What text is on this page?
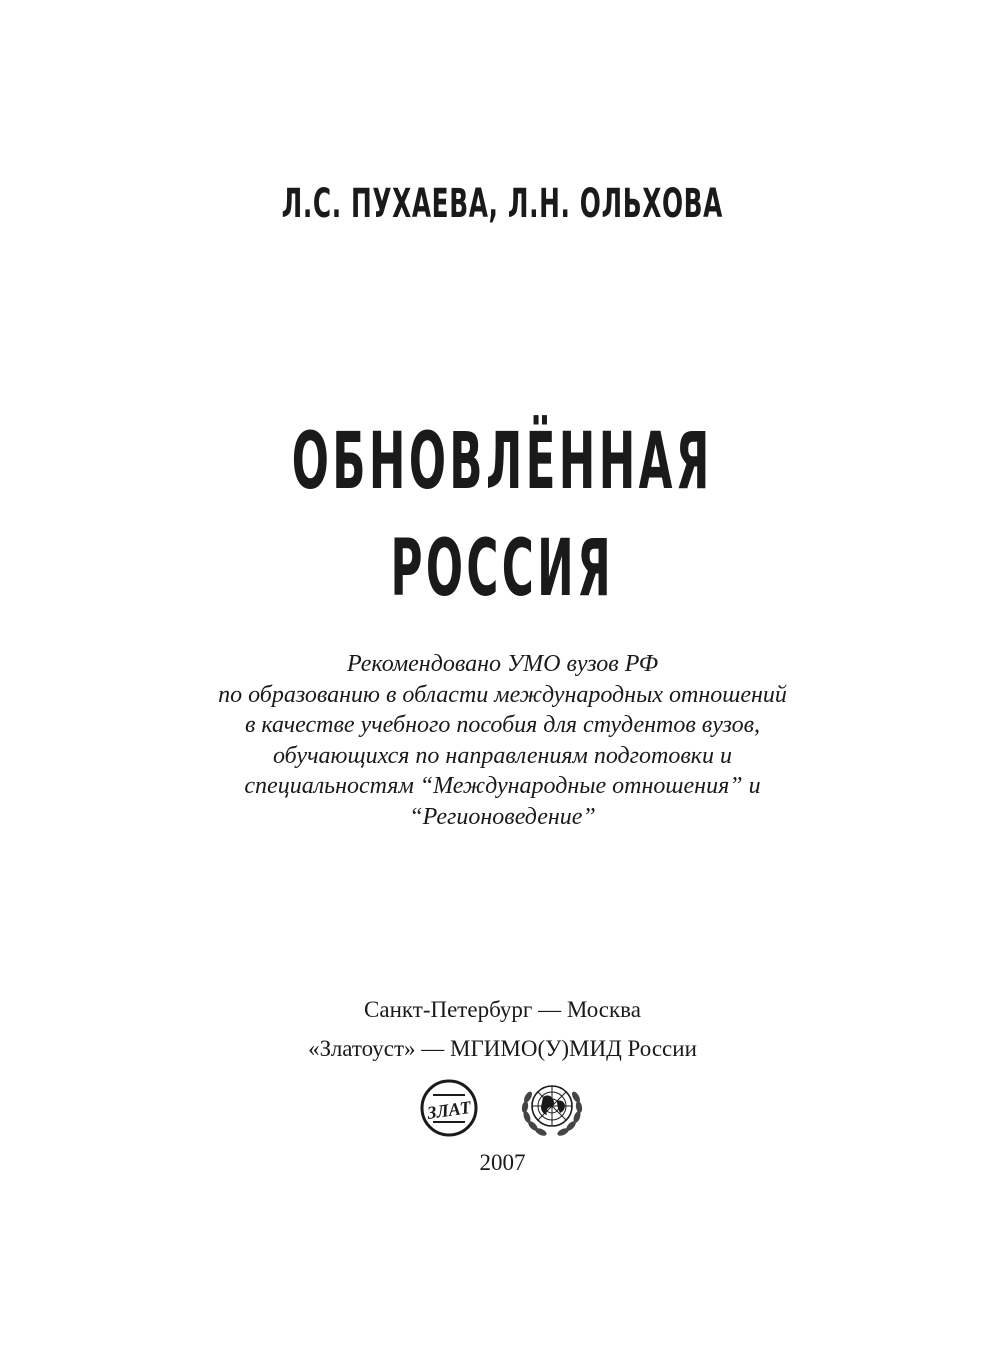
Л.С. ПУХАЕВА, Л.Н. ОЛЬХОВА
ОБНОВЛЁННАЯ
РОССИЯ
Рекомендовано УМО вузов РФ
по образованию в области международных отношений
в качестве учебного пособия для студентов вузов,
обучающихся по направлениям подготовки и
специальностям “Международные отношения” и
“Регионоведение”
Санкт-Петербург — Москва
«Златоуст» — МГИМО(У)МИД России
ЗЛАТ
2007
